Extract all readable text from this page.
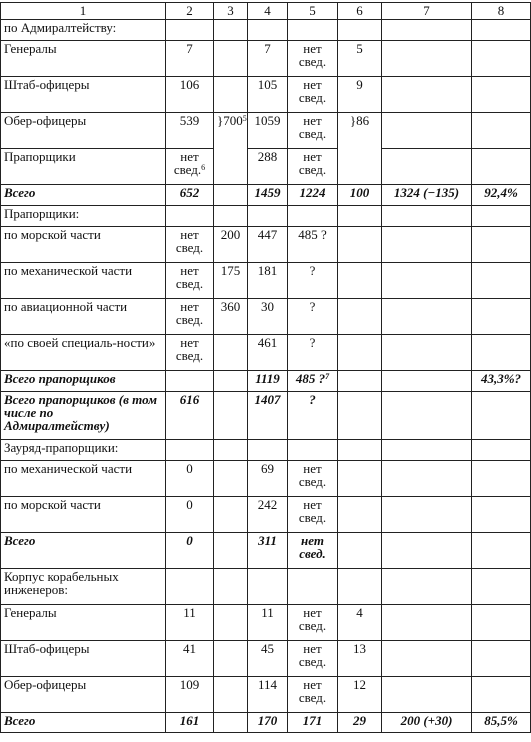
1	2	3	4	5	6	7	8
по Адмиралтейству:							
Генералы	7		7	нет свед.	5		
Штаб-офицеры	106		105	нет свед.	9		
Обер-офицеры	539	}$700^5$	1059	нет свед.	}86		
Прапорщики	нет свед.$^6$		288	нет свед.			
Всего	652		1459	1224	100	1324 (−135)	92,4%
Прапорщики:							
по морской части	нет свед.	200	447	485 ?			
по механической части	нет свед.	175	181	?			
по авиационной части	нет свед.	360	30	?			
«по своей специаль-ности»	нет свед.		461	?			
Всего прапорщиков			1119	485 ?$^7$			43,3%?
Всего прапорщиков (в том числе по Адмиралтейству)	616		1407	?			
Зауряд-прапорщики:							
по механической части	0		69	нет свед.			
по морской части	0		242	нет свед.			
Всего	0		311	нет свед.			
Корпус корабельных инженеров:							
Генералы	11		11	нет свед.	4		
Штаб-офицеры	41		45	нет свед.	13		
Обер-офицеры	109		114	нет свед.	12		
Всего	161		170	171	29	200 (+30)	85,5%
